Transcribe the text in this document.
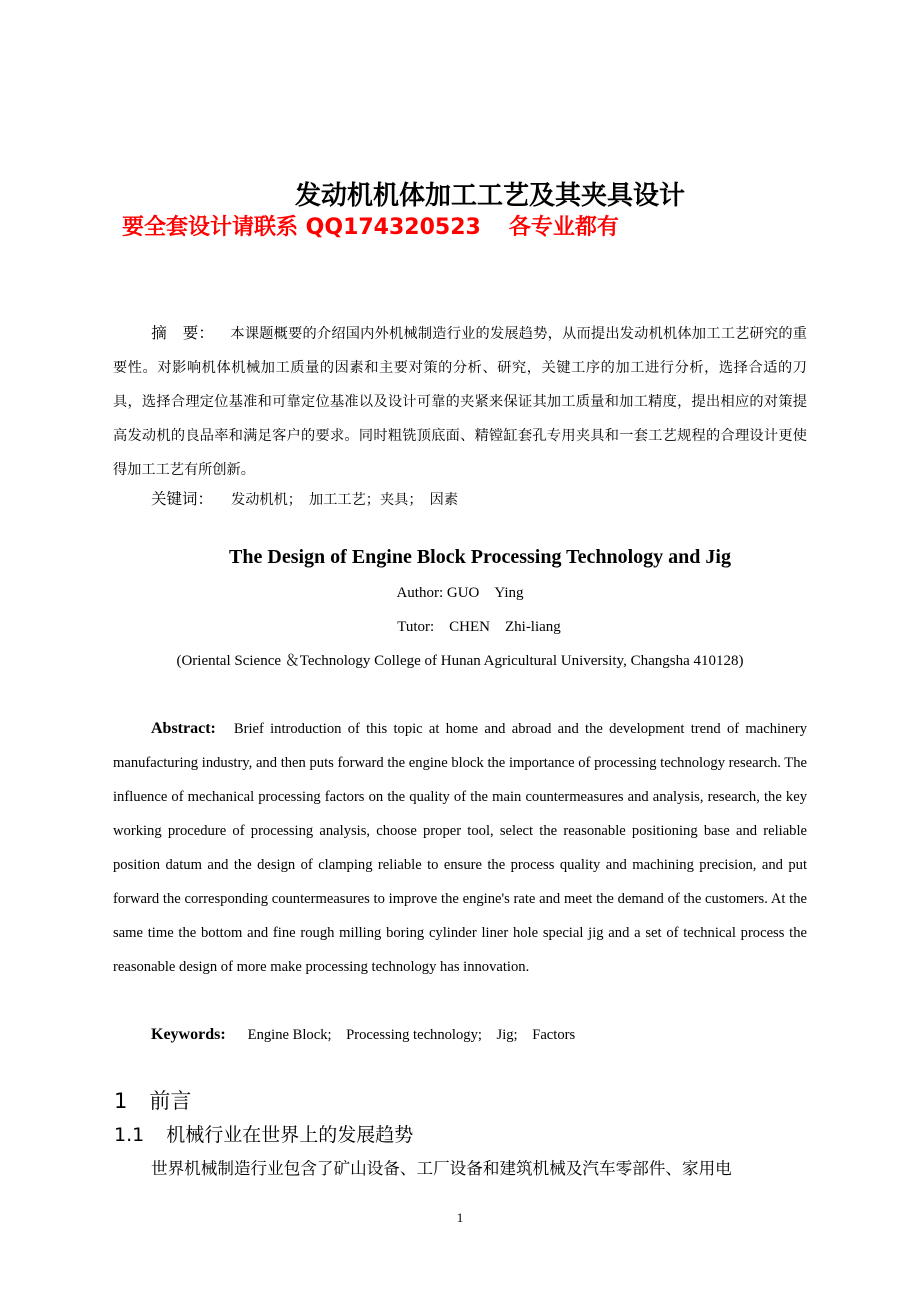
发动机机体加工工艺及其夹具设计
要全套设计请联系 QQ174320523 各专业都有
摘　要： 本课题概要的介绍国内外机械制造行业的发展趋势，从而提出发动机机体加工工艺研究的重要性。对影响机体机械加工质量的因素和主要对策的分析、研究，关键工序的加工进行分析，选择合适的刀具，选择合理定位基准和可靠定位基准以及设计可靠的夹紧来保证其加工质量和加工精度，提出相应的对策提高发动机的良品率和满足客户的要求。同时粗铣顶底面、精镗缸套孔专用夹具和一套工艺规程的合理设计更使得加工工艺有所创新。
关键词： 发动机机；　加工工艺；夹具；　因素
The Design of Engine Block Processing Technology and Jig
Author: GUO　Ying
Tutor:　CHEN　Zhi-liang
(Oriental Science ＆Technology College of Hunan Agricultural University, Changsha 410128)
Abstract: Brief introduction of this topic at home and abroad and the development trend of machinery manufacturing industry, and then puts forward the engine block the importance of processing technology research. The influence of mechanical processing factors on the quality of the main countermeasures and analysis, research, the key working procedure of processing analysis, choose proper tool, select the reasonable positioning base and reliable position datum and the design of clamping reliable to ensure the process quality and machining precision, and put forward the corresponding countermeasures to improve the engine's rate and meet the demand of the customers. At the same time the bottom and fine rough milling boring cylinder liner hole special jig and a set of technical process the reasonable design of more make processing technology has innovation.
Keywords: Engine Block;　Processing technology;　Jig;　Factors
1 前言
1.1 机械行业在世界上的发展趋势
世界机械制造行业包含了矿山设备、工厂设备和建筑机械及汽车零部件、家用电
1
